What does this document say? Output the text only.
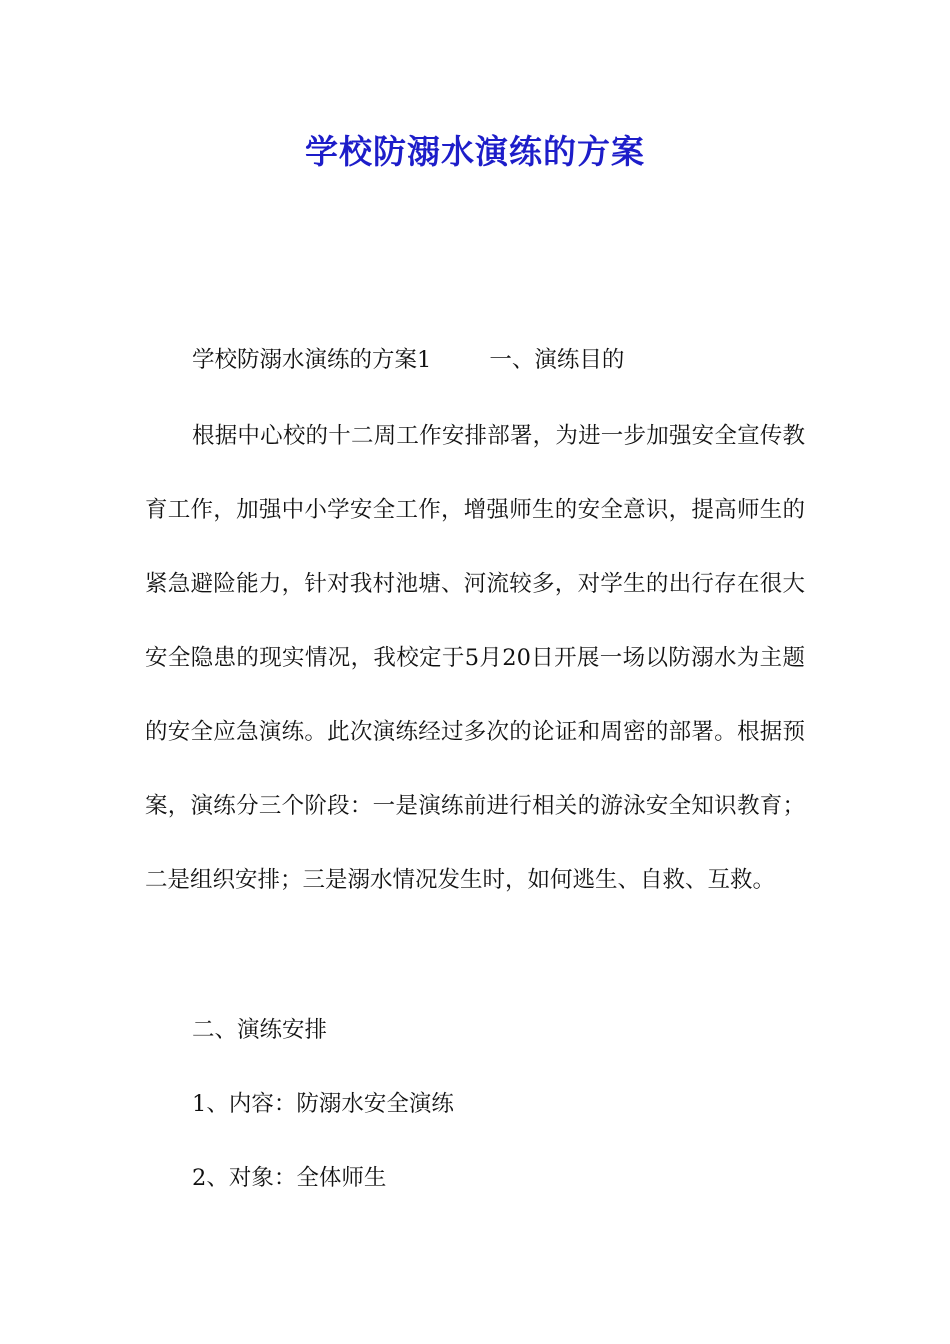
学校防溺水演练的方案

学校防溺水演练的方案1	一、演练目的

根据中心校的十二周工作安排部署，为进一步加强安全宣传教育工作，加强中小学安全工作，增强师生的安全意识，提高师生的紧急避险能力，针对我村池塘、河流较多，对学生的出行存在很大安全隐患的现实情况，我校定于5月20日开展一场以防溺水为主题的安全应急演练。此次演练经过多次的论证和周密的部署。根据预案，演练分三个阶段：一是演练前进行相关的游泳安全知识教育；二是组织安排；三是溺水情况发生时，如何逃生、自救、互救。

二、演练安排

1、内容：防溺水安全演练

2、对象：全体师生
